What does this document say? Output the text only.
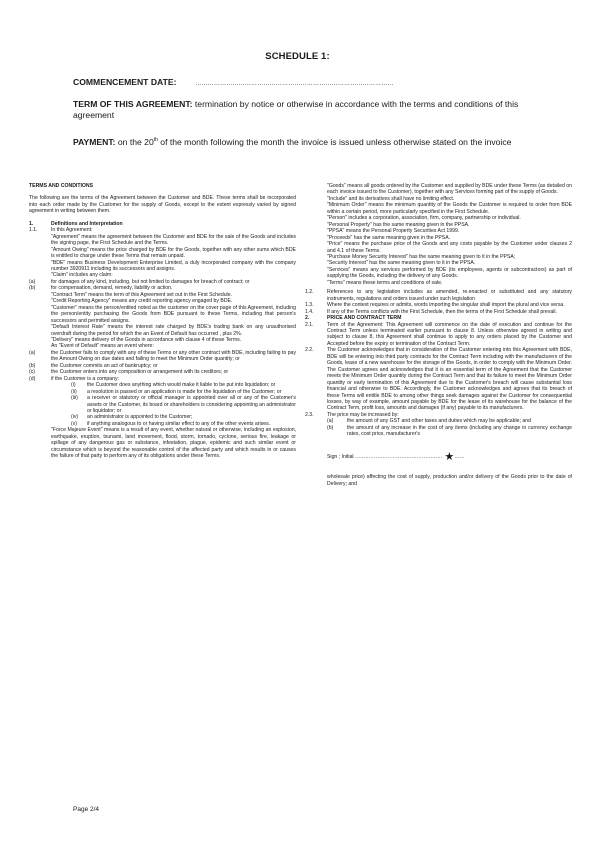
SCHEDULE 1:
COMMENCEMENT DATE:	……………………………………………………………………………………
TERM OF THIS AGREEMENT: termination by notice or otherwise in accordance with the terms and conditions of this agreement
PAYMENT: on the 20th of the month following the month the invoice is issued unless otherwise stated on the invoice
TERMS AND CONDITIONS
The following are the terms of the Agreement between the Customer and BDE. These terms shall be incorporated into each order made by the Customer for the supply of Goods, except to the extent expressly varied by signed agreement in writing between them.
1.	Definitions and Interpretation
1.1.	In this Agreement:
"Agreement" means the agreement between the Customer and BDE for the sale of the Goods and includes the signing page, the First Schedule and the Terms.
"Amount Owing" means the price charged by BDE for the Goods, together with any other sums which BDE is entitled to charge under these Terms that remain unpaid.
"BDE" means Business Development Enterprise Limited, a duly incorporated company with the company number 3920911 including its successors and assigns.
"Claim" includes any claim:
(a)	for damages of any kind, including, but not limited to damages for breach of contract; or
(b)	for compensation, demand, remedy, liability or action.
"Contract Term" means the term of this Agreement set out in the First Schedule.
"Credit Reporting Agency" means any credit reporting agency engaged by BDE.
"Customer" means the person/entited noted as the customer on the cover page of this Agreement, including the person/entity purchasing the Goods from BDE pursuant to these Terms, including that person's successors and permitted assigns.
"Default Interest Rate" means the interest rate charged by BDE's trading bank on any unauthorised overdraft during the period for which the an Event of Default has occurred , plus 2%.
"Delivery" means delivery of the Goods in accordance with clause 4 of these Terms.
An "Event of Default" means an event where:
(a)	the Customer fails to comply with any of these Terms or any other contract with BDE, including failing to pay the Amount Owing on due dates and failing to meet the Minimum Order quantity; or
(b)	the Customer commits an act of bankruptcy; or
(c)	the Customer enters into any composition or arrangement with its creditors; or
(d)	if the Customer is a company:
(i)	the Customer does anything which would make it liable to be put into liquidation; or
(ii)	a resolution is passed or an application is made for the liquidation of the Customer; or
(iii)	a receiver or statutory or official manager is appointed over all or any of the Customer's assets or the Customer, its board or shareholders is considering appointing an administrator or liquidator; or
(iv)	an administrator is appointed to the Customer;
(v)	if anything analogous to or having similar effect to any of the other events arises.
"Force Majeure Event" means is a result of any event, whether natural or otherwise, including an explosion, earthquake, eruption, tsunami, land movement, flood, storm, tornado, cyclone, serious fire, leakage or spillage of any dangerous gas or substance, infestation, plague, epidemic and such similar event or circumstance which is beyond the reasonable control of the affected party and which results in or causes the failure of that party to perform any of its obligations under these Terms.
"Goods" means all goods ordered by the Customer and supplied by BDE under these Terms (as detailed on each invoice issued to the Customer), together with any Services forming part of the supply of Goods.
"Include" and its derivatives shall have no limiting effect.
"Minimum Order" means the minimum quantity of the Goods the Customer is required to order from BDE within a certain period, more particularly specified in the First Schedule.
"Person" includes a corporation, association, firm, company, partnership or individual.
"Personal Property" has the same meaning given in the PPSA.
"PPSA" means the Personal Property Securities Act 1999.
"Proceeds" has the same meaning given in the PPSA.
"Price" means the purchase price of the Goods and any costs payable by the Customer under clauses 2 and 4.1 of these Terms.
"Purchase Money Security Interest" has the same meaning given to it in the PPSA;
"Security Interest" has the same meaning given to it in the PPSA.
"Services" means any services performed by BDE (its employees, agents or subcontractors) as part of supplying the Goods, including the delivery of any Goods.
"Terms" means these terms and conditions of sale.
1.2.	References to any legislation includes as amended, re.enacted or substituted and any statutory instruments, regulations and orders issued under such legislation
1.3.	Where the context requires or admits, words importing the singular shall import the plural and vice versa.
1.4.	If any of the Terms conflicts with the First Schedule, then the terms of the First Schedule shall prevail.
2.	PRICE AND CONTRACT TERM
2.1.	Term of the Agreement: This Agreement will commence on the date of execution and continue for the Contract Term unless terminated earlier pursuant to clause 8. Unless otherwise agreed in writing and subject to clause 8, this Agreement shall continue to apply to any orders placed by the Customer and Accepted before the expiry or termination of the Contract Term.
2.2.	The Customer acknowledges that in consideration of the Customer entering into this Agreement with BDE, BDE will be entering into third party contracts for the Contract Term including with the manufacturers of the Goods, lease of a new warehouse for the storage of the Goods, in order to comply with the Minimum Order. The Customer agrees and acknowledges that it is an essential term of the Agreement that the Customer meets the Minimum Order quantity during the Contract Term and that its failure to meet the Minimum Order quantity or early termination of this Agreement due to the Customer's breach will cause substantial loss financial and otherwise to BDE. Accordingly, the Customer acknowledges and agrees that its breach of these Terms will entitle BDE to among other things seek damages against the Customer for consequential losses, by way of example, amount payable by BDE for the lease of its warehouse for the balance of the Contract Term, profit loss, amounts and damages (if any) payable to its manufacturers.
2.3.	The price may be increased by:
(a)	the amount of any GST and other taxes and duties which may be applicable; and
(b)	the amount of any increase in the cost of any items (including any change in currency exchange rates, cost price, manufacturer's
Sign ; Initial …………………………………………… ★ ……
wholesale price) affecting the cost of supply, production and/or delivery of the Goods prior to the date of Delivery; and
Page 2/4
